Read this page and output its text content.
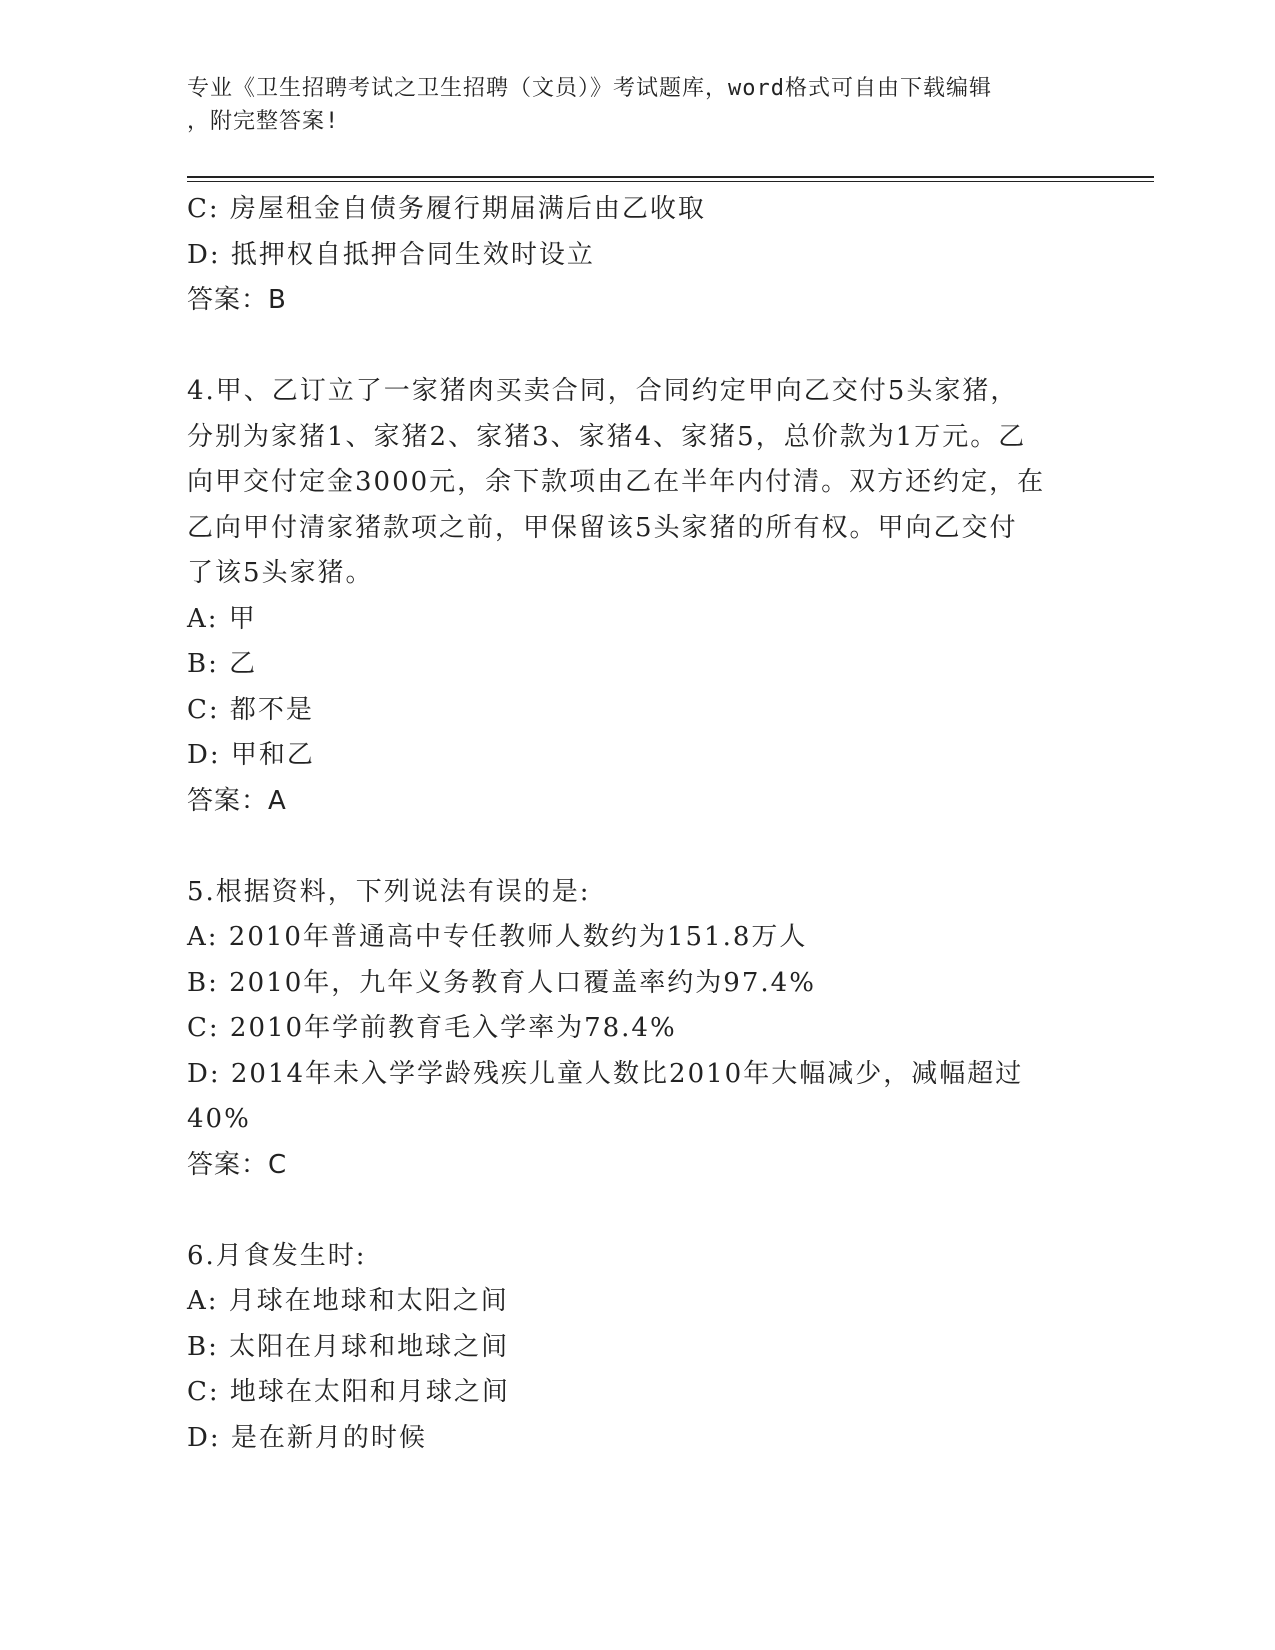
专业《卫生招聘考试之卫生招聘（文员）》考试题库，word格式可自由下载编辑
，附完整答案!
C: 房屋租金自债务履行期届满后由乙收取
D: 抵押权自抵押合同生效时设立
答案：B
4.甲、乙订立了一家猪肉买卖合同，合同约定甲向乙交付5头家猪，
分别为家猪1、家猪2、家猪3、家猪4、家猪5，总价款为1万元。乙
向甲交付定金3000元，余下款项由乙在半年内付清。双方还约定，在
乙向甲付清家猪款项之前，甲保留该5头家猪的所有权。甲向乙交付
了该5头家猪。
A: 甲
B: 乙
C: 都不是
D: 甲和乙
答案：A
5.根据资料，下列说法有误的是:
A: 2010年普通高中专任教师人数约为151.8万人
B: 2010年，九年义务教育人口覆盖率约为97.4%
C: 2010年学前教育毛入学率为78.4%
D: 2014年未入学学龄残疾儿童人数比2010年大幅减少，减幅超过
40%
答案：C
6.月食发生时:
A: 月球在地球和太阳之间
B: 太阳在月球和地球之间
C: 地球在太阳和月球之间
D: 是在新月的时候
